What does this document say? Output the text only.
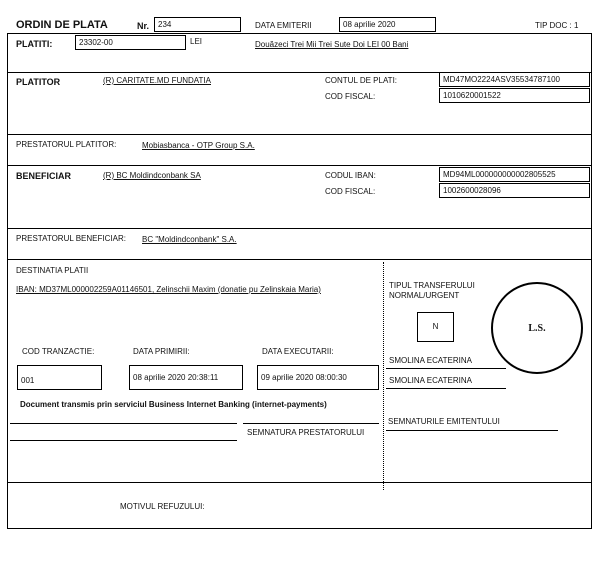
ORDIN DE PLATA	Nr.	234	DATA EMITERII	08 aprilie 2020	TIP DOC : 1
PLATITI:	23302-00	LEI	Douăzeci Trei Mii Trei Sute Doi LEI 00 Bani
PLATITOR	(R) CARITATE.MD FUNDATIA	CONTUL DE PLATI:	MD47MO2224ASV35534787100
COD FISCAL:	1010620001522
PRESTATORUL PLATITOR:	Mobiasbanca - OTP Group S.A.
BENEFICIAR	(R) BC Moldindconbank SA	CODUL IBAN:	MD94ML000000000002805525
COD FISCAL:	1002600028096
PRESTATORUL BENEFICIAR: BC "Moldindconbank" S.A.
DESTINATIA PLATII
IBAN: MD37ML000002259A01146501, Zelinschii Maxim (donatie pu Zelinskaia Maria)	TIPUL TRANSFERULUI
NORMAL/URGENT
N	L.S.
COD TRANZACTIE:
001
DATA PRIMIRII:
08 aprilie 2020 20:38:11
DATA EXECUTARII:
09 aprilie 2020 08:00:30
SMOLINA ECATERINA
SMOLINA ECATERINA
Document transmis prin serviciul Business Internet Banking (internet-payments)
SEMNATURILE EMITENTULUI
SEMNATURA PRESTATORULUI
MOTIVUL REFUZULUI:
